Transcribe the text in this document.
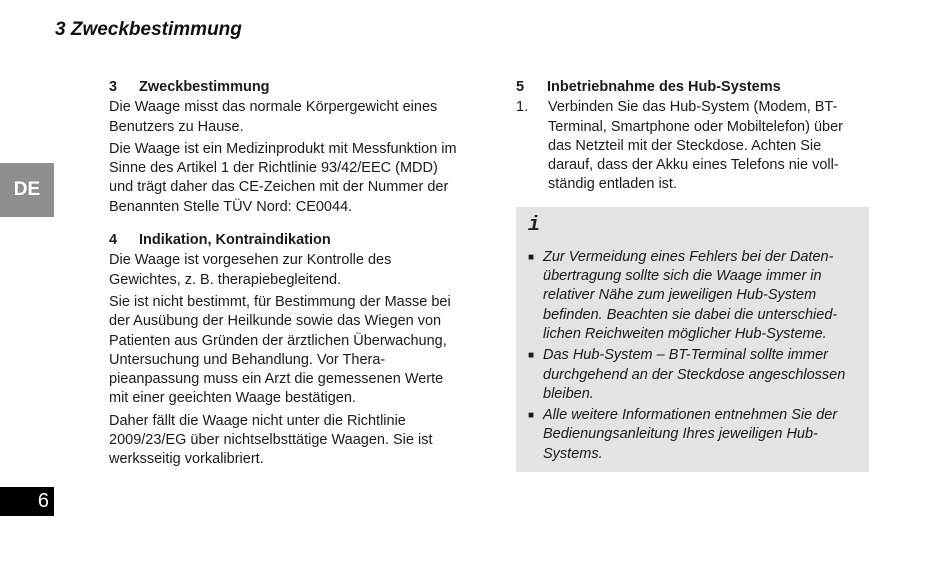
3 Zweckbestimmung
DE
6
3	Zweckbestimmung

Die Waage misst das normale Körpergewicht eines Benutzers zu Hause.

Die Waage ist ein Medizinprodukt mit Messfunktion im Sinne des Artikel 1 der Richtlinie 93/42/EEC (MDD) und trägt daher das CE-Zeichen mit der Nummer der Benannten Stelle TÜV Nord: CE0044.

4	Indikation, Kontraindikation

Die Waage ist vorgesehen zur Kontrolle des Gewichtes, z. B. therapiebegleitend.

Sie ist nicht bestimmt, für Bestimmung der Masse bei der Ausübung der Heilkunde sowie das Wiegen von Patienten aus Gründen der ärztlichen Überwachung, Untersuchung und Behandlung. Vor Therapieanpassung muss ein Arzt die gemessenen Werte mit einer geeichten Waage bestätigen.

Daher fällt die Waage nicht unter die Richtlinie 2009/23/EG über nichtselbsttätige Waagen. Sie ist werksseitig vorkalibriert.

5	Inbetriebnahme des Hub-Systems
1.	Verbinden Sie das Hub-System (Modem, BT-Terminal, Smartphone oder Mobiltelefon) über das Netzteil mit der Steckdose. Achten Sie darauf, dass der Akku eines Telefons nie vollständig entladen ist.
i
■ Zur Vermeidung eines Fehlers bei der Datenübertragung sollte sich die Waage immer in relativer Nähe zum jeweiligen Hub-System befinden. Beachten sie dabei die unterschiedlichen Reichweiten möglicher Hub-Systeme.
■ Das Hub-System – BT-Terminal sollte immer durchgehend an der Steckdose angeschlossen bleiben.
■ Alle weitere Informationen entnehmen Sie der Bedienungsanleitung Ihres jeweiligen Hub-Systems.
